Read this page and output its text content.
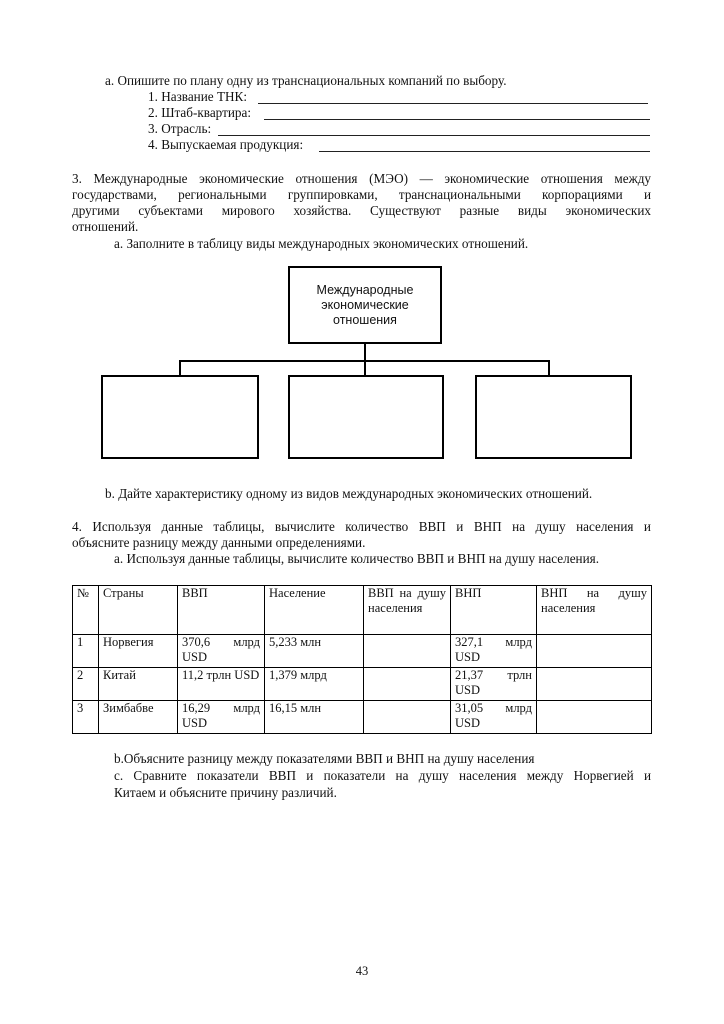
a. Опишите по плану одну из транснациональных компаний по выбору.
1. Название ТНК:
2. Штаб-квартира:
3. Отрасль:
4. Выпускаемая продукция:
3. Международные экономические отношения (МЭО) — экономические отношения между
государствами, региональными группировками, транснациональными корпорациями и
другими субъектами мирового хозяйства. Существуют разные виды экономических
отношений.
a. Заполните в таблицу виды международных экономических отношений.
Международные
экономические
отношения
b. Дайте характеристику одному из видов международных экономических отношений.
4. Используя данные таблицы, вычислите количество ВВП и ВНП на душу населения и
объясните разницу между данными определениями.
a. Используя данные таблицы, вычислите количество ВВП и ВНП на душу населения.
№	Страны	ВВП	Население	ВВП на душу населения	ВНП	ВНП на душу населения
1	Норвегия	370,6 млрд USD	5,233 млн		327,1 млрд USD	
2	Китай	11,2 трлн USD	1,379 млрд		21,37 трлн USD	
3	Зимбабве	16,29 млрд USD	16,15 млн		31,05 млрд USD	
b.Объясните разницу между показателями ВВП и ВНП на душу населения
c. Сравните показатели ВВП и показатели на душу населения между Норвегией и
Китаем и объясните причину различий.
43
